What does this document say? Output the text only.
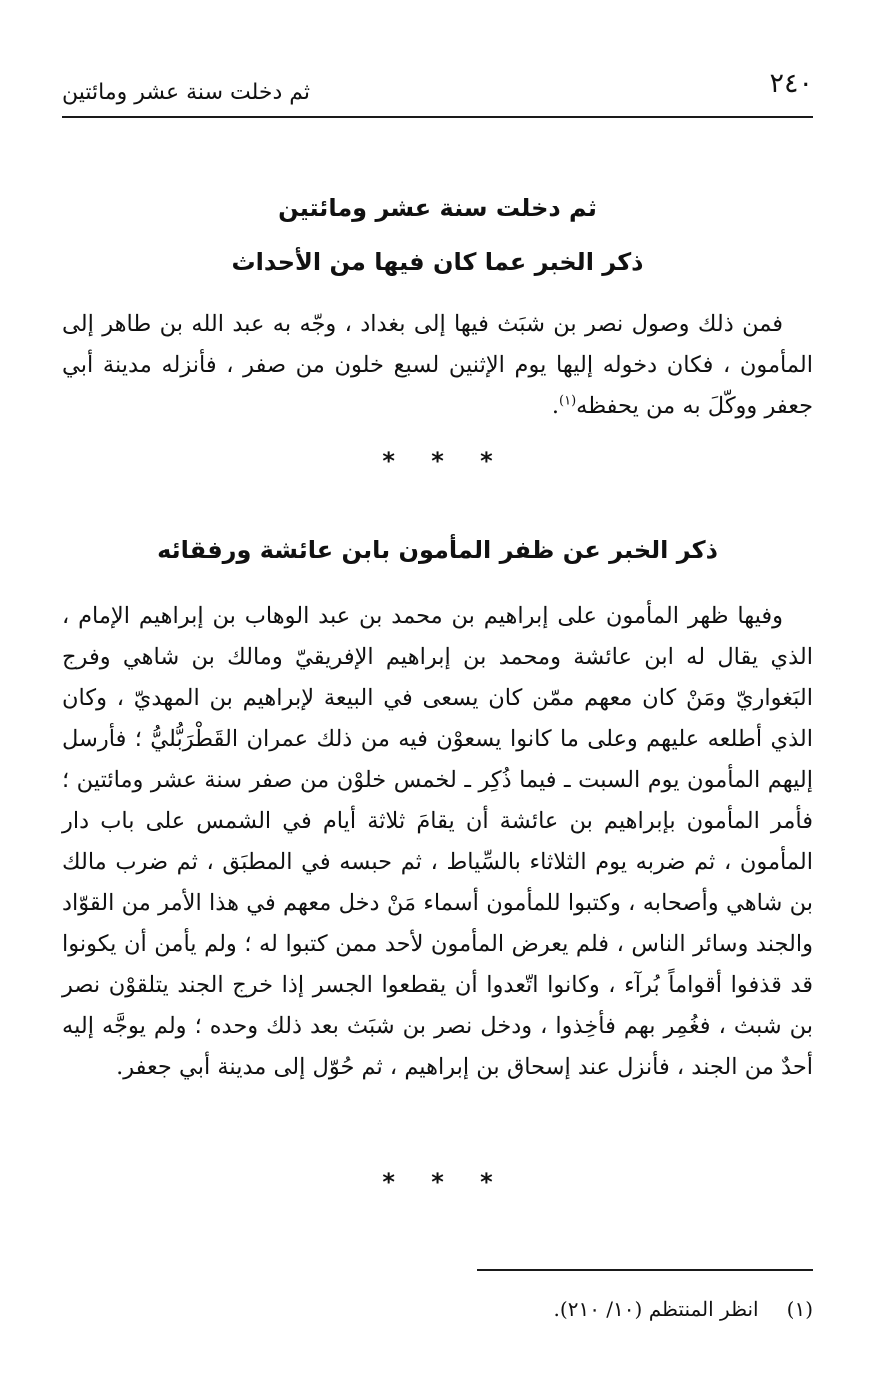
٢٤٠
ثم دخلت سنة عشر ومائتين
ثم دخلت سنة عشر ومائتين
ذكر الخبر عما كان فيها من الأحداث

فمن ذلك وصول نصر بن شبَث فيها إلى بغداد ، وجّه به عبد الله بن طاهر إلى المأمون ، فكان دخوله إليها يوم الإثنين لسبع خلون من صفر ، فأنزله مدينة أبي جعفر ووكّلَ به من يحفظه$^{(١)}$.

* * *
ذكر الخبر عن ظفر المأمون بابن عائشة ورفقائه

وفيها ظهر المأمون على إبراهيم بن محمد بن عبد الوهاب بن إبراهيم الإمام ، الذي يقال له ابن عائشة ومحمد بن إبراهيم الإفريقيّ ومالك بن شاهي وفرج البَغواريّ ومَنْ كان معهم ممّن كان يسعى في البيعة لإبراهيم بن المهديّ ، وكان الذي أطلعه عليهم وعلى ما كانوا يسعوْن فيه من ذلك عمران القَطْرَبُّليُّ ؛ فأرسل إليهم المأمون يوم السبت ـ فيما ذُكِر ـ لخمس خلوْن من صفر سنة عشر ومائتين ؛ فأمر المأمون بإبراهيم بن عائشة أن يقامَ ثلاثة أيام في الشمس على باب دار المأمون ، ثم ضربه يوم الثلاثاء بالسِّياط ، ثم حبسه في المطبَق ، ثم ضرب مالك بن شاهي وأصحابه ، وكتبوا للمأمون أسماء مَنْ دخل معهم في هذا الأمر من القوّاد والجند وسائر الناس ، فلم يعرض المأمون لأحد ممن كتبوا له ؛ ولم يأمن أن يكونوا قد قذفوا أقواماً بُرآء ، وكانوا اتّعدوا أن يقطعوا الجسر إذا خرج الجند يتلقوْن نصر بن شبث ، فغُمِر بهم فأخِذوا ، ودخل نصر بن شبَث بعد ذلك وحده ؛ ولم يوجَّه إليه أحدٌ من الجند ، فأنزل عند إسحاق بن إبراهيم ، ثم حُوّل إلى مدينة أبي جعفر.

* * *

(١)انظر المنتظم (١٠/ ٢١٠).
